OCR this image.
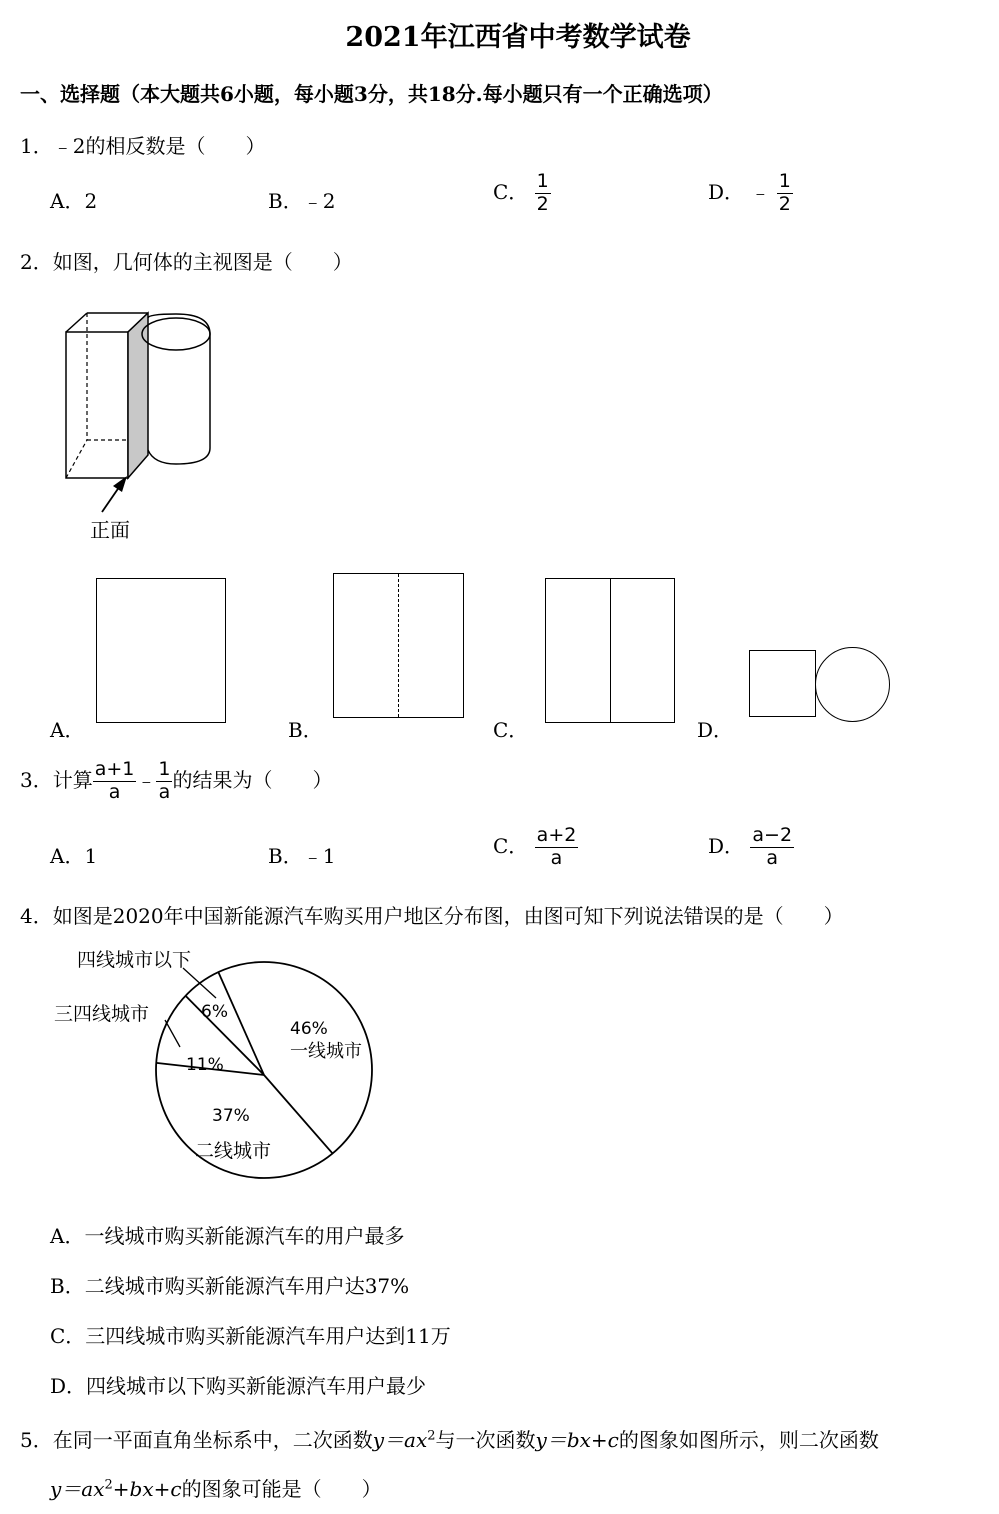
2021年江西省中考数学试卷
一、选择题（本大题共6小题，每小题3分，共18分.每小题只有一个正确选项）
1．﹣2的相反数是（　　）
A．2	B．﹣2	C． $\frac{1}{2}$	D． ﹣ $\frac{1}{2}$
2．如图，几何体的主视图是（　　）
正面
A．	B．	C．	D．
3．计算 $\frac{a+1}{a}$ ﹣ $\frac{1}{a}$ 的结果为（　　）
A．1	B．﹣1	C． $\frac{a+2}{a}$	D． $\frac{a-2}{a}$
4．如图是2020年中国新能源汽车购买用户地区分布图，由图可知下列说法错误的是（　　）
一线城市
46%
37%
二线城市
11%
三四线城市	6%
四线城市以下
A．一线城市购买新能源汽车的用户最多
B．二线城市购买新能源汽车用户达37%
C．三四线城市购买新能源汽车用户达到11万
D．四线城市以下购买新能源汽车用户最少
5．在同一平面直角坐标系中，二次函数$y=ax^2$与一次函数y＝bx+c的图象如图所示，则二次函数
$y=ax^2+bx+c$的图象可能是（　　）
